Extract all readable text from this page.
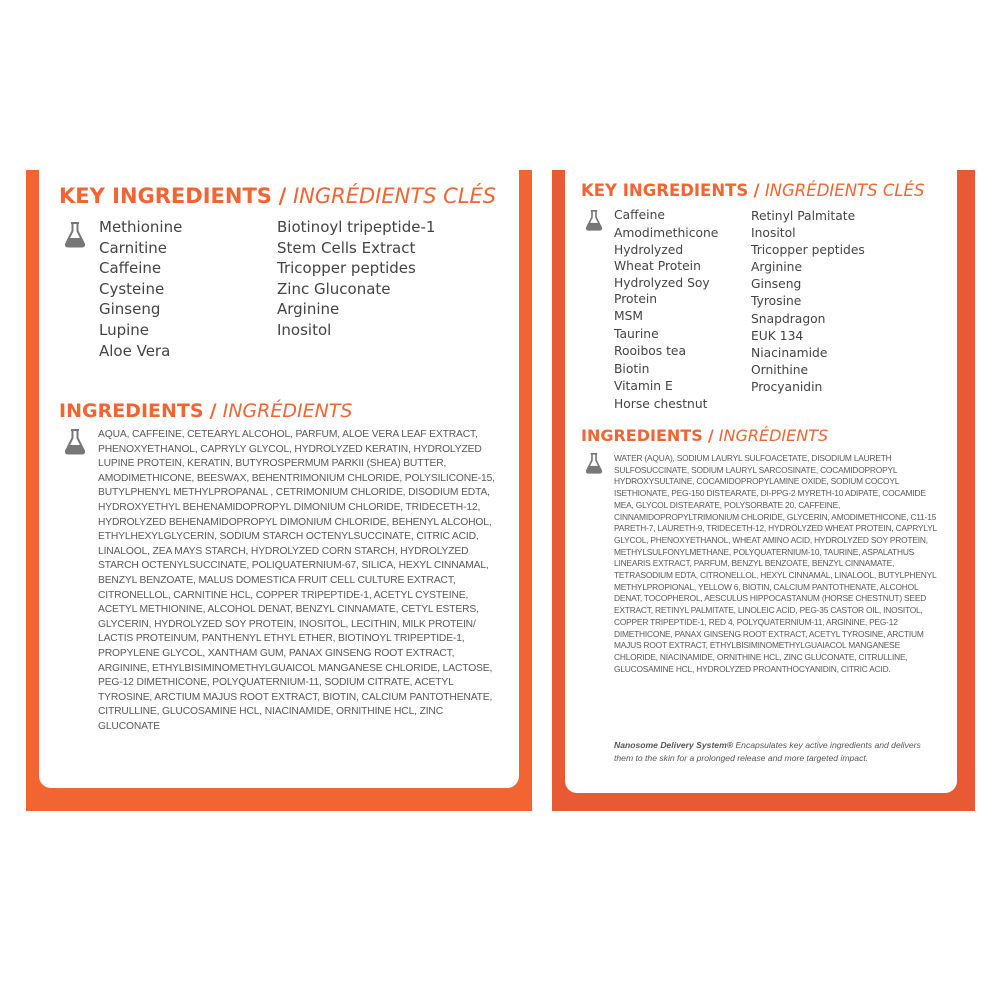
KEY INGREDIENTS / INGRÉDIENTS CLÉS
Methionine
Carnitine
Caffeine
Cysteine
Ginseng
Lupine
Aloe Vera
Biotinoyl tripeptide-1
Stem Cells Extract
Tricopper peptides
Zinc Gluconate
Arginine
Inositol
INGREDIENTS / INGRÉDIENTS

AQUA, CAFFEINE, CETEARYL ALCOHOL, PARFUM, ALOE VERA LEAF EXTRACT, PHENOXYETHANOL, CAPRYLY GLYCOL, HYDROLYZED KERATIN, HYDROLYZED LUPINE PROTEIN, KERATIN, BUTYROSPERMUM PARKII (SHEA) BUTTER, AMODIMETHICONE, BEESWAX, BEHENTRIMONIUM CHLORIDE, POLYSILICONE-15, BUTYLPHENYL METHYLPROPANAL , CETRIMONIUM CHLORIDE, DISODIUM EDTA, HYDROXYETHYL BEHENAMIDOPROPYL DIMONIUM CHLORIDE, TRIDECETH-12, HYDROLYZED BEHENAMIDOPROPYL DIMONIUM CHLORIDE, BEHENYL ALCOHOL, ETHYLHEXYLGLYCERIN, SODIUM STARCH OCTENYLSUCCINATE, CITRIC ACID, LINALOOL, ZEA MAYS STARCH, HYDROLYZED CORN STARCH, HYDROLYZED STARCH OCTENYLSUCCINATE, POLIQUATERNIUM-67, SILICA, HEXYL CINNAMAL, BENZYL BENZOATE, MALUS DOMESTICA FRUIT CELL CULTURE EXTRACT, CITRONELLOL, CARNITINE HCL, COPPER TRIPEPTIDE-1, ACETYL CYSTEINE, ACETYL METHIONINE, ALCOHOL DENAT, BENZYL CINNAMATE, CETYL ESTERS, GLYCERIN, HYDROLYZED SOY PROTEIN, INOSITOL, LECITHIN, MILK PROTEIN/ LACTIS PROTEINUM, PANTHENYL ETHYL ETHER, BIOTINOYL TRIPEPTIDE-1, PROPYLENE GLYCOL, XANTHAM GUM, PANAX GINSENG ROOT EXTRACT, ARGININE, ETHYLBISIMINOMETHYLGUAICOL MANGANESE CHLORIDE, LACTOSE, PEG-12 DIMETHICONE, POLYQUATERNIUM-11, SODIUM CITRATE, ACETYL TYROSINE, ARCTIUM MAJUS ROOT EXTRACT, BIOTIN, CALCIUM PANTOTHENATE, CITRULLINE, GLUCOSAMINE HCL, NIACINAMIDE, ORNITHINE HCL, ZINC GLUCONATE

KEY INGREDIENTS / INGRÉDIENTS CLÉS
Caffeine
Amodimethicone
Hydrolyzed Wheat Protein
Hydrolyzed Soy Protein
MSM
Taurine
Rooibos tea
Biotin
Vitamin E
Horse chestnut
Retinyl Palmitate
Inositol
Tricopper peptides
Arginine
Ginseng
Tyrosine
Snapdragon
EUK 134
Niacinamide
Ornithine
Procyanidin
INGREDIENTS / INGRÉDIENTS

WATER (AQUA), SODIUM LAURYL SULFOACETATE, DISODIUM LAURETH SULFOSUCCINATE, SODIUM LAURYL SARCOSINATE, COCAMIDOPROPYL HYDROXYSULTAINE, COCAMIDOPROPYLAMINE OXIDE, SODIUM COCOYL ISETHIONATE, PEG-150 DISTEARATE, DI-PPG-2 MYRETH-10 ADIPATE, COCAMIDE MEA, GLYCOL DISTEARATE, POLYSORBATE 20, CAFFEINE, CINNAMIDOPROPYLTRIMONIUM CHLORIDE, GLYCERIN, AMODIMETHICONE, C11-15 PARETH-7, LAURETH-9, TRIDECETH-12, HYDROLYZED WHEAT PROTEIN, CAPRYLYL GLYCOL, PHENOXYETHANOL, WHEAT AMINO ACID, HYDROLYZED SOY PROTEIN, METHYLSULFONYLMETHANE, POLYQUATERNIUM-10, TAURINE, ASPALATHUS LINEARIS EXTRACT, PARFUM, BENZYL BENZOATE, BENZYL CINNAMATE, TETRASODIUM EDTA, CITRONELLOL, HEXYL CINNAMAL, LINALOOL, BUTYLPHENYL METHYLPROPIONAL, YELLOW 6, BIOTIN, CALCIUM PANTOTHENATE, ALCOHOL DENAT, TOCOPHEROL, AESCULUS HIPPOCASTANUM (HORSE CHESTNUT) SEED EXTRACT, RETINYL PALMITATE, LINOLEIC ACID, PEG-35 CASTOR OIL, INOSITOL, COPPER TRIPEPTIDE-1, RED 4, POLYQUATERNIUM-11, ARGININE, PEG-12 DIMETHICONE, PANAX GINSENG ROOT EXTRACT, ACETYL TYROSINE, ARCTIUM MAJUS ROOT EXTRACT, ETHYLBISIMINOMETHYLGUAIACOL MANGANESE CHLORIDE, NIACINAMIDE, ORNITHINE HCL, ZINC GLUCONATE, CITRULLINE, GLUCOSAMINE HCL, HYDROLYZED PROANTHOCYANIDIN, CITRIC ACID.

Nanosome Delivery System® Encapsulates key active ingredients and delivers them to the skin for a prolonged release and more targeted impact.
